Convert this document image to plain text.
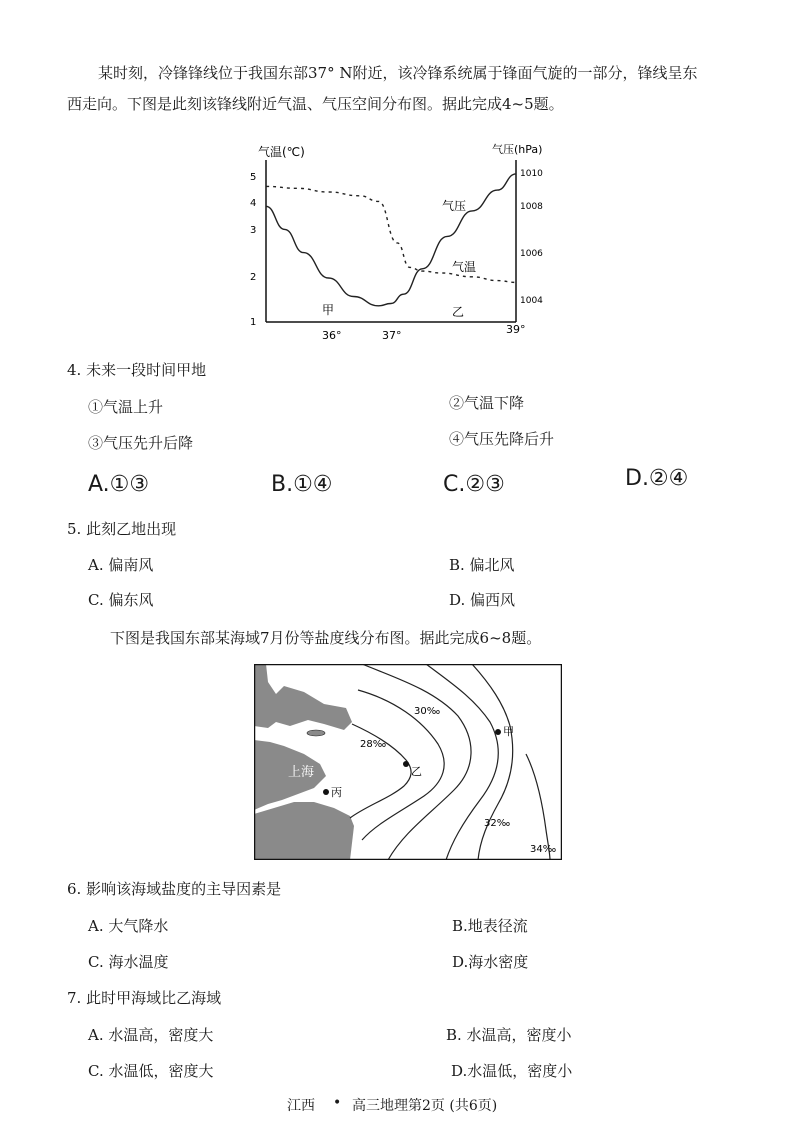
某时刻，冷锋锋线位于我国东部37° N附近，该冷锋系统属于锋面气旋的一部分，锋线呈东
西走向。下图是此刻该锋线附近气温、气压空间分布图。据此完成4~5题。
气温(℃)	气压(hPa)
5
4
3
2
1
1010
1008
1006
1004
36°	37°	39°
甲	乙
气压
气温
4. 未来一段时间甲地
①气温上升	②气温下降
③气压先升后降	④气压先降后升
A.①③	B.①④	C.②③	D.②④
5. 此刻乙地出现
A. 偏南风	B. 偏北风
C. 偏东风	D. 偏西风
下图是我国东部某海域7月份等盐度线分布图。据此完成6~8题。
上海
丙
乙
甲
28‰
30‰
32‰
34‰
6. 影响该海域盐度的主导因素是
A. 大气降水	B.地表径流
C. 海水温度	D.海水密度
7. 此时甲海域比乙海域
A. 水温高，密度大	B. 水温高，密度小
C. 水温低，密度大	D.水温低，密度小
江西 • 高三地理第2页 (共6页)
